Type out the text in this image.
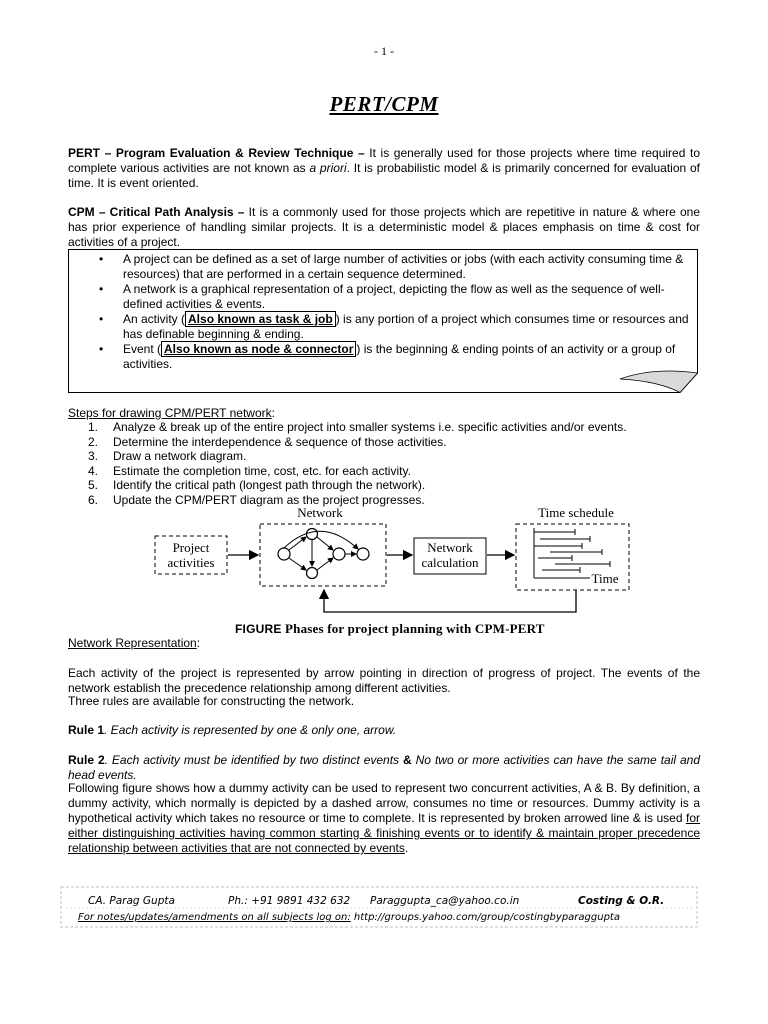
- 1 -
PERT/CPM
PERT – Program Evaluation & Review Technique – It is generally used for those projects where time required to complete various activities are not known as a priori. It is probabilistic model & is primarily concerned for evaluation of time. It is event oriented.
CPM – Critical Path Analysis – It is a commonly used for those projects which are repetitive in nature & where one has prior experience of handling similar projects. It is a deterministic model & places emphasis on time & cost for activities of a project.
• A project can be defined as a set of large number of activities or jobs (with each activity consuming time & resources) that are performed in a certain sequence determined.
• A network is a graphical representation of a project, depicting the flow as well as the sequence of well-defined activities & events.
• An activity ( Also known as task & job ) is any portion of a project which consumes time or resources and has definable beginning & ending.
• Event ( Also known as node & connector ) is the beginning & ending points of an activity or a group of activities.
Steps for drawing CPM/PERT network:
1. Analyze & break up of the entire project into smaller systems i.e. specific activities and/or events.
2. Determine the interdependence & sequence of those activities.
3. Draw a network diagram.
4. Estimate the completion time, cost, etc. for each activity.
5. Identify the critical path (longest path through the network).
6. Update the CPM/PERT diagram as the project progresses.
Network	Time schedule
Project
activities
Network
calculation
Time
FIGURE Phases for project planning with CPM-PERT
Network Representation:
Each activity of the project is represented by arrow pointing in direction of progress of project. The events of the network establish the precedence relationship among different activities.
Three rules are available for constructing the network.
Rule 1. Each activity is represented by one & only one, arrow.
Rule 2. Each activity must be identified by two distinct events & No two or more activities can have the same tail and head events.
Following figure shows how a dummy activity can be used to represent two concurrent activities, A & B. By definition, a dummy activity, which normally is depicted by a dashed arrow, consumes no time or resources. Dummy activity is a hypothetical activity which takes no resource or time to complete. It is represented by broken arrowed line & is used for either distinguishing activities having common starting & finishing events or to identify & maintain proper precedence relationship between activities that are not connected by events.
CA. Parag Gupta	Ph.: +91 9891 432 632 Paraggupta_ca@yahoo.co.in	Costing & O.R.
For notes/updates/amendments on all subjects log on: http://groups.yahoo.com/group/costingbyparaggupta
